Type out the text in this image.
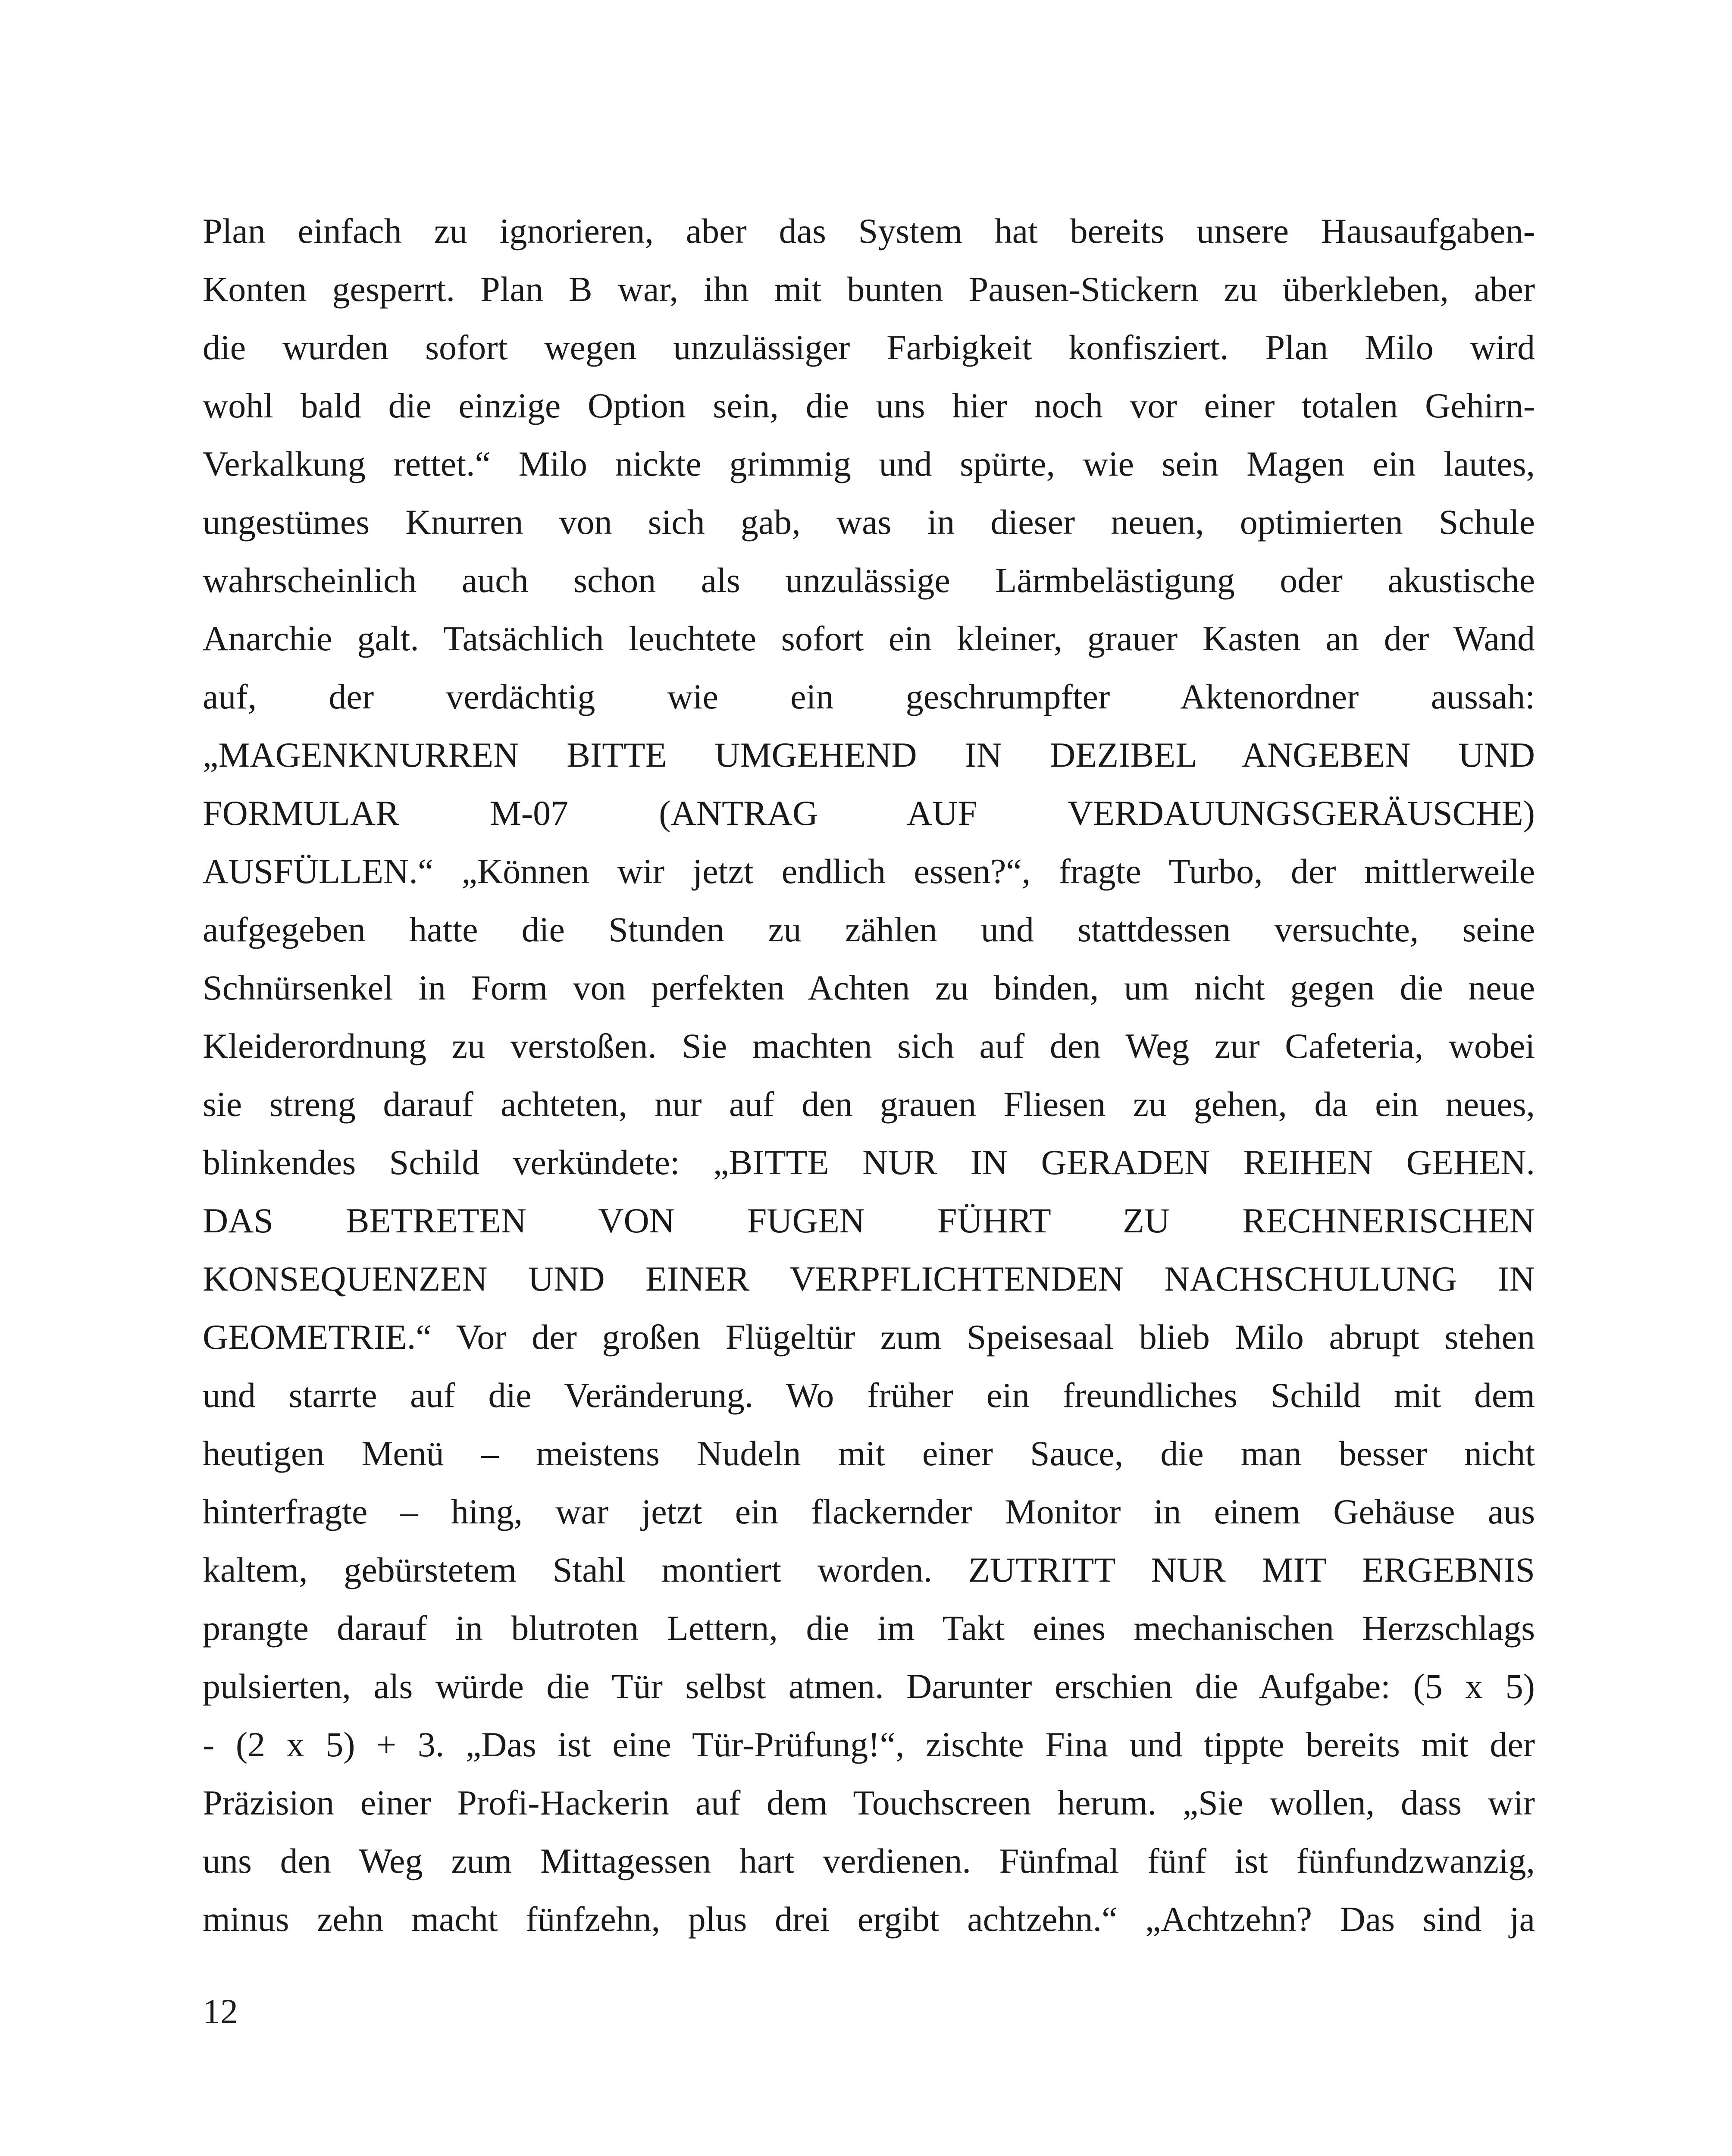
Plan einfach zu ignorieren, aber das System hat bereits unsere Hausaufgaben-
Konten gesperrt. Plan B war, ihn mit bunten Pausen-Stickern zu überkleben, aber
die wurden sofort wegen unzulässiger Farbigkeit konfisziert. Plan Milo wird
wohl bald die einzige Option sein, die uns hier noch vor einer totalen Gehirn-
Verkalkung rettet.“ Milo nickte grimmig und spürte, wie sein Magen ein lautes,
ungestümes Knurren von sich gab, was in dieser neuen, optimierten Schule
wahrscheinlich auch schon als unzulässige Lärmbelästigung oder akustische
Anarchie galt. Tatsächlich leuchtete sofort ein kleiner, grauer Kasten an der Wand
auf, der verdächtig wie ein geschrumpfter Aktenordner aussah:
„MAGENKNURREN BITTE UMGEHEND IN DEZIBEL ANGEBEN UND
FORMULAR M-07 (ANTRAG AUF VERDAUUNGSGERÄUSCHE)
AUSFÜLLEN.“ „Können wir jetzt endlich essen?“, fragte Turbo, der mittlerweile
aufgegeben hatte die Stunden zu zählen und stattdessen versuchte, seine
Schnürsenkel in Form von perfekten Achten zu binden, um nicht gegen die neue
Kleiderordnung zu verstoßen. Sie machten sich auf den Weg zur Cafeteria, wobei
sie streng darauf achteten, nur auf den grauen Fliesen zu gehen, da ein neues,
blinkendes Schild verkündete: „BITTE NUR IN GERADEN REIHEN GEHEN.
DAS BETRETEN VON FUGEN FÜHRT ZU RECHNERISCHEN
KONSEQUENZEN UND EINER VERPFLICHTENDEN NACHSCHULUNG IN
GEOMETRIE.“ Vor der großen Flügeltür zum Speisesaal blieb Milo abrupt stehen
und starrte auf die Veränderung. Wo früher ein freundliches Schild mit dem
heutigen Menü – meistens Nudeln mit einer Sauce, die man besser nicht
hinterfragte – hing, war jetzt ein flackernder Monitor in einem Gehäuse aus
kaltem, gebürstetem Stahl montiert worden. ZUTRITT NUR MIT ERGEBNIS
prangte darauf in blutroten Lettern, die im Takt eines mechanischen Herzschlags
pulsierten, als würde die Tür selbst atmen. Darunter erschien die Aufgabe: (5 x 5)
- (2 x 5) + 3. „Das ist eine Tür-Prüfung!“, zischte Fina und tippte bereits mit der
Präzision einer Profi-Hackerin auf dem Touchscreen herum. „Sie wollen, dass wir
uns den Weg zum Mittagessen hart verdienen. Fünfmal fünf ist fünfundzwanzig,
minus zehn macht fünfzehn, plus drei ergibt achtzehn.“ „Achtzehn? Das sind ja
12
